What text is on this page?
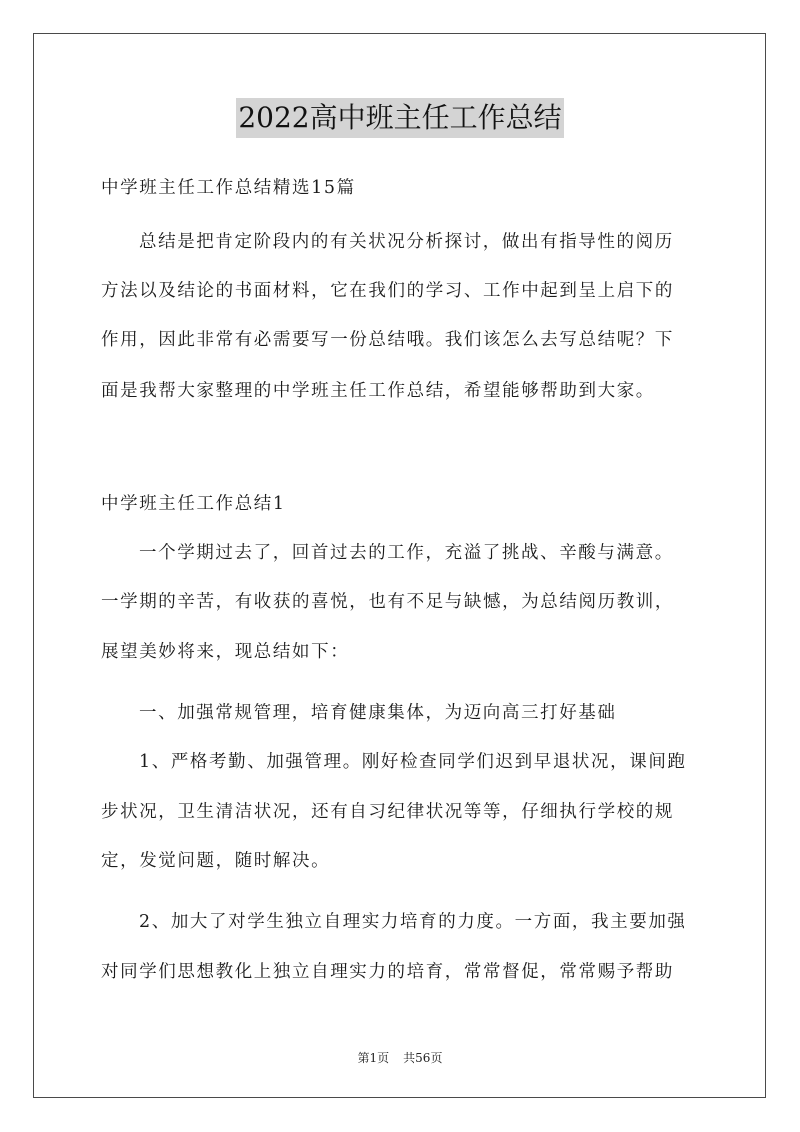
2022高中班主任工作总结
中学班主任工作总结精选15篇
总结是把肯定阶段内的有关状况分析探讨，做出有指导性的阅历
方法以及结论的书面材料，它在我们的学习、工作中起到呈上启下的
作用，因此非常有必需要写一份总结哦。我们该怎么去写总结呢？下
面是我帮大家整理的中学班主任工作总结，希望能够帮助到大家。
中学班主任工作总结1
一个学期过去了，回首过去的工作，充溢了挑战、辛酸与满意。
一学期的辛苦，有收获的喜悦，也有不足与缺憾，为总结阅历教训，
展望美妙将来，现总结如下：
一、加强常规管理，培育健康集体，为迈向高三打好基础
1、严格考勤、加强管理。刚好检查同学们迟到早退状况，课间跑
步状况，卫生清洁状况，还有自习纪律状况等等，仔细执行学校的规
定，发觉问题，随时解决。
2、加大了对学生独立自理实力培育的力度。一方面，我主要加强
对同学们思想教化上独立自理实力的培育，常常督促，常常赐予帮助
第1页 共56页
